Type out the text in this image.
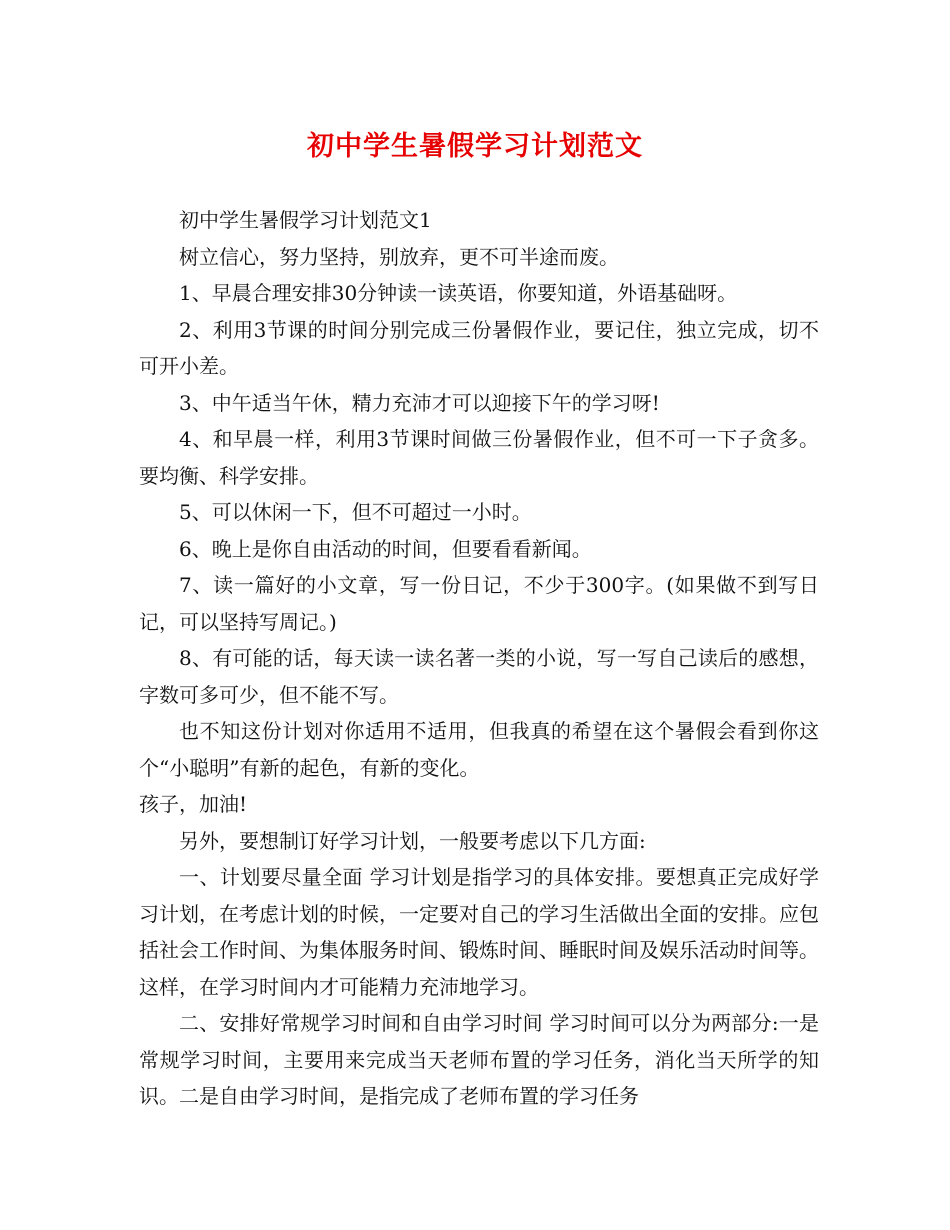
初中学生暑假学习计划范文

初中学生暑假学习计划范文1

树立信心，努力坚持，别放弃，更不可半途而废。

1、早晨合理安排30分钟读一读英语，你要知道，外语基础呀。

2、利用3节课的时间分别完成三份暑假作业，要记住，独立完成，切不可开小差。

3、中午适当午休，精力充沛才可以迎接下午的学习呀!

4、和早晨一样，利用3节课时间做三份暑假作业，但不可一下子贪多。要均衡、科学安排。

5、可以休闲一下，但不可超过一小时。

6、晚上是你自由活动的时间，但要看看新闻。

7、读一篇好的小文章，写一份日记，不少于300字。(如果做不到写日记，可以坚持写周记。)

8、有可能的话，每天读一读名著一类的小说，写一写自己读后的感想，字数可多可少，但不能不写。

也不知这份计划对你适用不适用，但我真的希望在这个暑假会看到你这个“小聪明”有新的起色，有新的变化。

孩子，加油!

另外，要想制订好学习计划，一般要考虑以下几方面:

一、计划要尽量全面 学习计划是指学习的具体安排。要想真正完成好学习计划，在考虑计划的时候，一定要对自己的学习生活做出全面的安排。应包括社会工作时间、为集体服务时间、锻炼时间、睡眠时间及娱乐活动时间等。这样，在学习时间内才可能精力充沛地学习。

二、安排好常规学习时间和自由学习时间 学习时间可以分为两部分:一是常规学习时间，主要用来完成当天老师布置的学习任务，消化当天所学的知识。二是自由学习时间，是指完成了老师布置的学习任务
